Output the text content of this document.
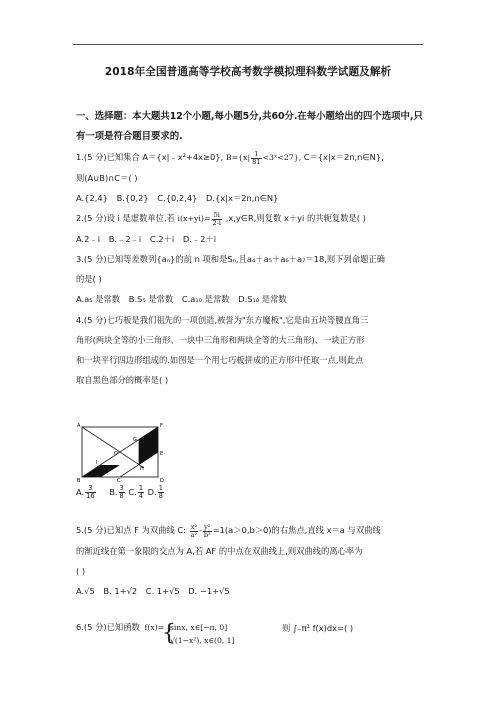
2018年全国普通高等学校高考数学模拟理科数学试题及解析
一、选择题：本大题共12个小题,每小题5分,共60分.在每小题给出的四个选项中,只有一项是符合题目要求的.
1.(5 分)已知集合 A＝{x|﹣x²+4x≥0}, $B=\{x| \frac{1}{81}$ <3ˣ<27}, C＝{x|x＝2n,n∈N},
则(A∪B)∩C＝( )
A.{2,4} B.{0,2} C.{0,2,4} D.{x|x＝2n,n∈N}
2.(5 分)设 i 是虚数单位,若 $i(x+yi)= \frac{5i}{2-i}$ ,x,y∈R,则复数 x＋yi 的共轭复数是( )
A.2﹣i B.﹣2﹣i C.2＋i D.﹣2＋i
3.(5 分)已知等差数列{aₙ}的前 n 项和是Sₙ,且a₄＋a₅＋a₆＋a₇＝18,则下列命题正确
的是( )
A.a₅ 是常数 B.S₅ 是常数 C.a₁₀ 是常数 D.S₁₀ 是常数
4.(5 分)七巧板是我们祖先的一项创造,被誉为"东方魔板",它是由五块等腰直角三
角形(两块全等的小三角形、一块中三角形和两块全等的大三角形)、一块正方形
和一块平行四边形组成的.如图是一个用七巧板拼成的正方形中任取一点,则此点
取自黑色部分的概率是( )
A	F
G
O	E
I
H
B	C	D
A. $\frac{3}{16} B$. $\frac{3}{8} C$. $\frac{1}{4} D$. $\frac{1}{8}$
5.(5 分)已知点 F 为双曲线 C: $\frac{\text{x²}}{\text{a²}} - \frac{\text{y²}}{\text{b²}} =1(a>0,b>0)$的右焦点,直线 x＝a 与双曲线
的渐近线在第一象限的交点为 A,若 AF 的中点在双曲线上,则双曲线的离心率为
( )
A.√5 B. 1+√2 C. 1+√5 D. −1+√5
6.(5 分)已知函数 f(x)=
{
sinx, x∈[−π, 0]
√(1−x²), x∈(0, 1]
则 ∫₋π¹ f(x)dx=( )
